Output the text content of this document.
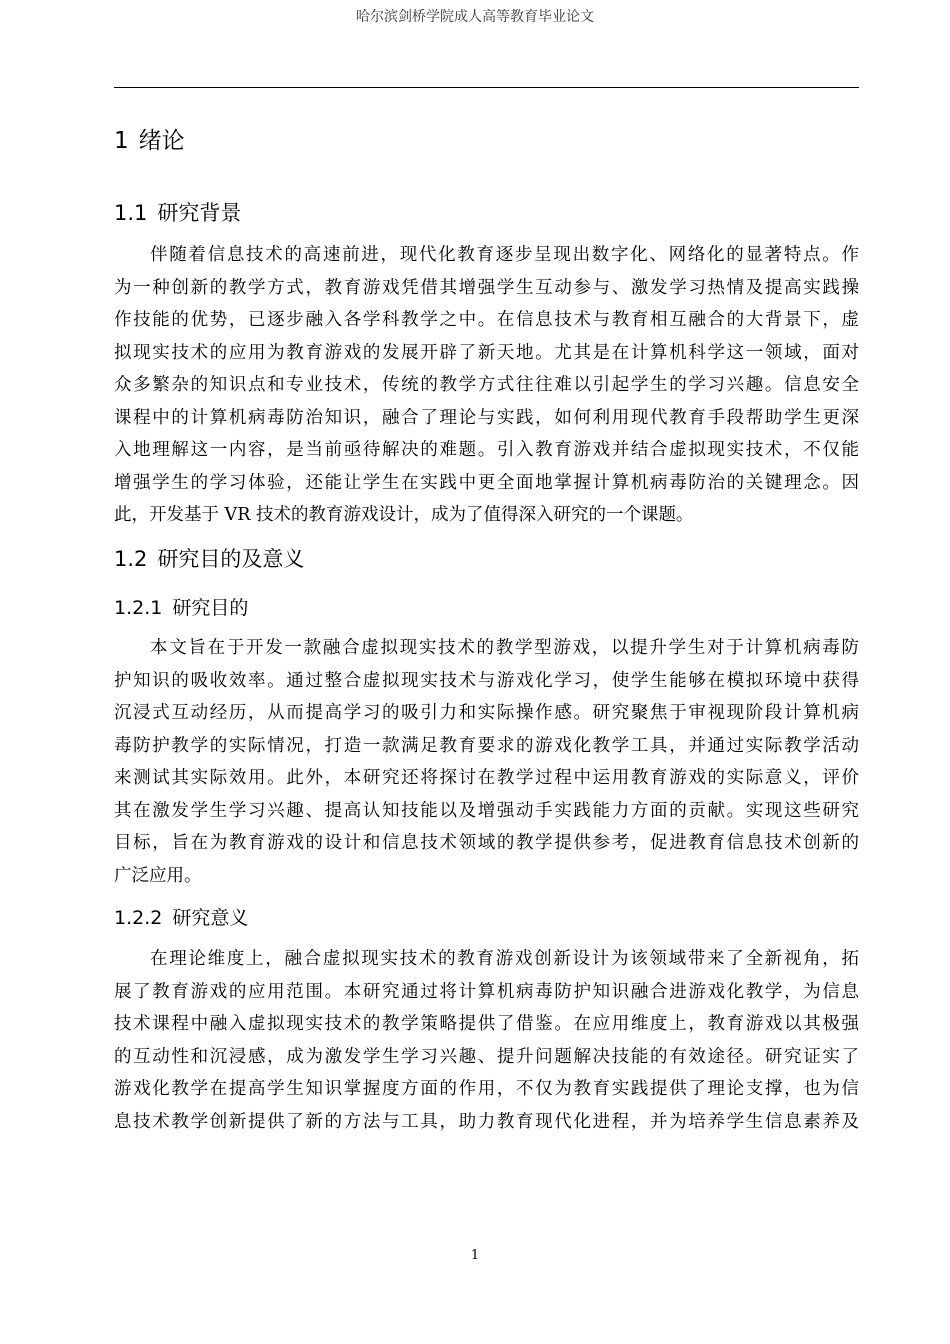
哈尔滨剑桥学院成人高等教育毕业论文
1 绪论
1.1 研究背景
伴随着信息技术的高速前进，现代化教育逐步呈现出数字化、网络化的显著特点。作
为一种创新的教学方式，教育游戏凭借其增强学生互动参与、激发学习热情及提高实践操
作技能的优势，已逐步融入各学科教学之中。在信息技术与教育相互融合的大背景下，虚
拟现实技术的应用为教育游戏的发展开辟了新天地。尤其是在计算机科学这一领域，面对
众多繁杂的知识点和专业技术，传统的教学方式往往难以引起学生的学习兴趣。信息安全
课程中的计算机病毒防治知识，融合了理论与实践，如何利用现代教育手段帮助学生更深
入地理解这一内容，是当前亟待解决的难题。引入教育游戏并结合虚拟现实技术，不仅能
增强学生的学习体验，还能让学生在实践中更全面地掌握计算机病毒防治的关键理念。因
此，开发基于 VR 技术的教育游戏设计，成为了值得深入研究的一个课题。
1.2 研究目的及意义
1.2.1 研究目的
本文旨在于开发一款融合虚拟现实技术的教学型游戏，以提升学生对于计算机病毒防
护知识的吸收效率。通过整合虚拟现实技术与游戏化学习，使学生能够在模拟环境中获得
沉浸式互动经历，从而提高学习的吸引力和实际操作感。研究聚焦于审视现阶段计算机病
毒防护教学的实际情况，打造一款满足教育要求的游戏化教学工具，并通过实际教学活动
来测试其实际效用。此外，本研究还将探讨在教学过程中运用教育游戏的实际意义，评价
其在激发学生学习兴趣、提高认知技能以及增强动手实践能力方面的贡献。实现这些研究
目标，旨在为教育游戏的设计和信息技术领域的教学提供参考，促进教育信息技术创新的
广泛应用。
1.2.2 研究意义
在理论维度上，融合虚拟现实技术的教育游戏创新设计为该领域带来了全新视角，拓
展了教育游戏的应用范围。本研究通过将计算机病毒防护知识融合进游戏化教学，为信息
技术课程中融入虚拟现实技术的教学策略提供了借鉴。在应用维度上，教育游戏以其极强
的互动性和沉浸感，成为激发学生学习兴趣、提升问题解决技能的有效途径。研究证实了
游戏化教学在提高学生知识掌握度方面的作用，不仅为教育实践提供了理论支撑，也为信
息技术教学创新提供了新的方法与工具，助力教育现代化进程，并为培养学生信息素养及
1
